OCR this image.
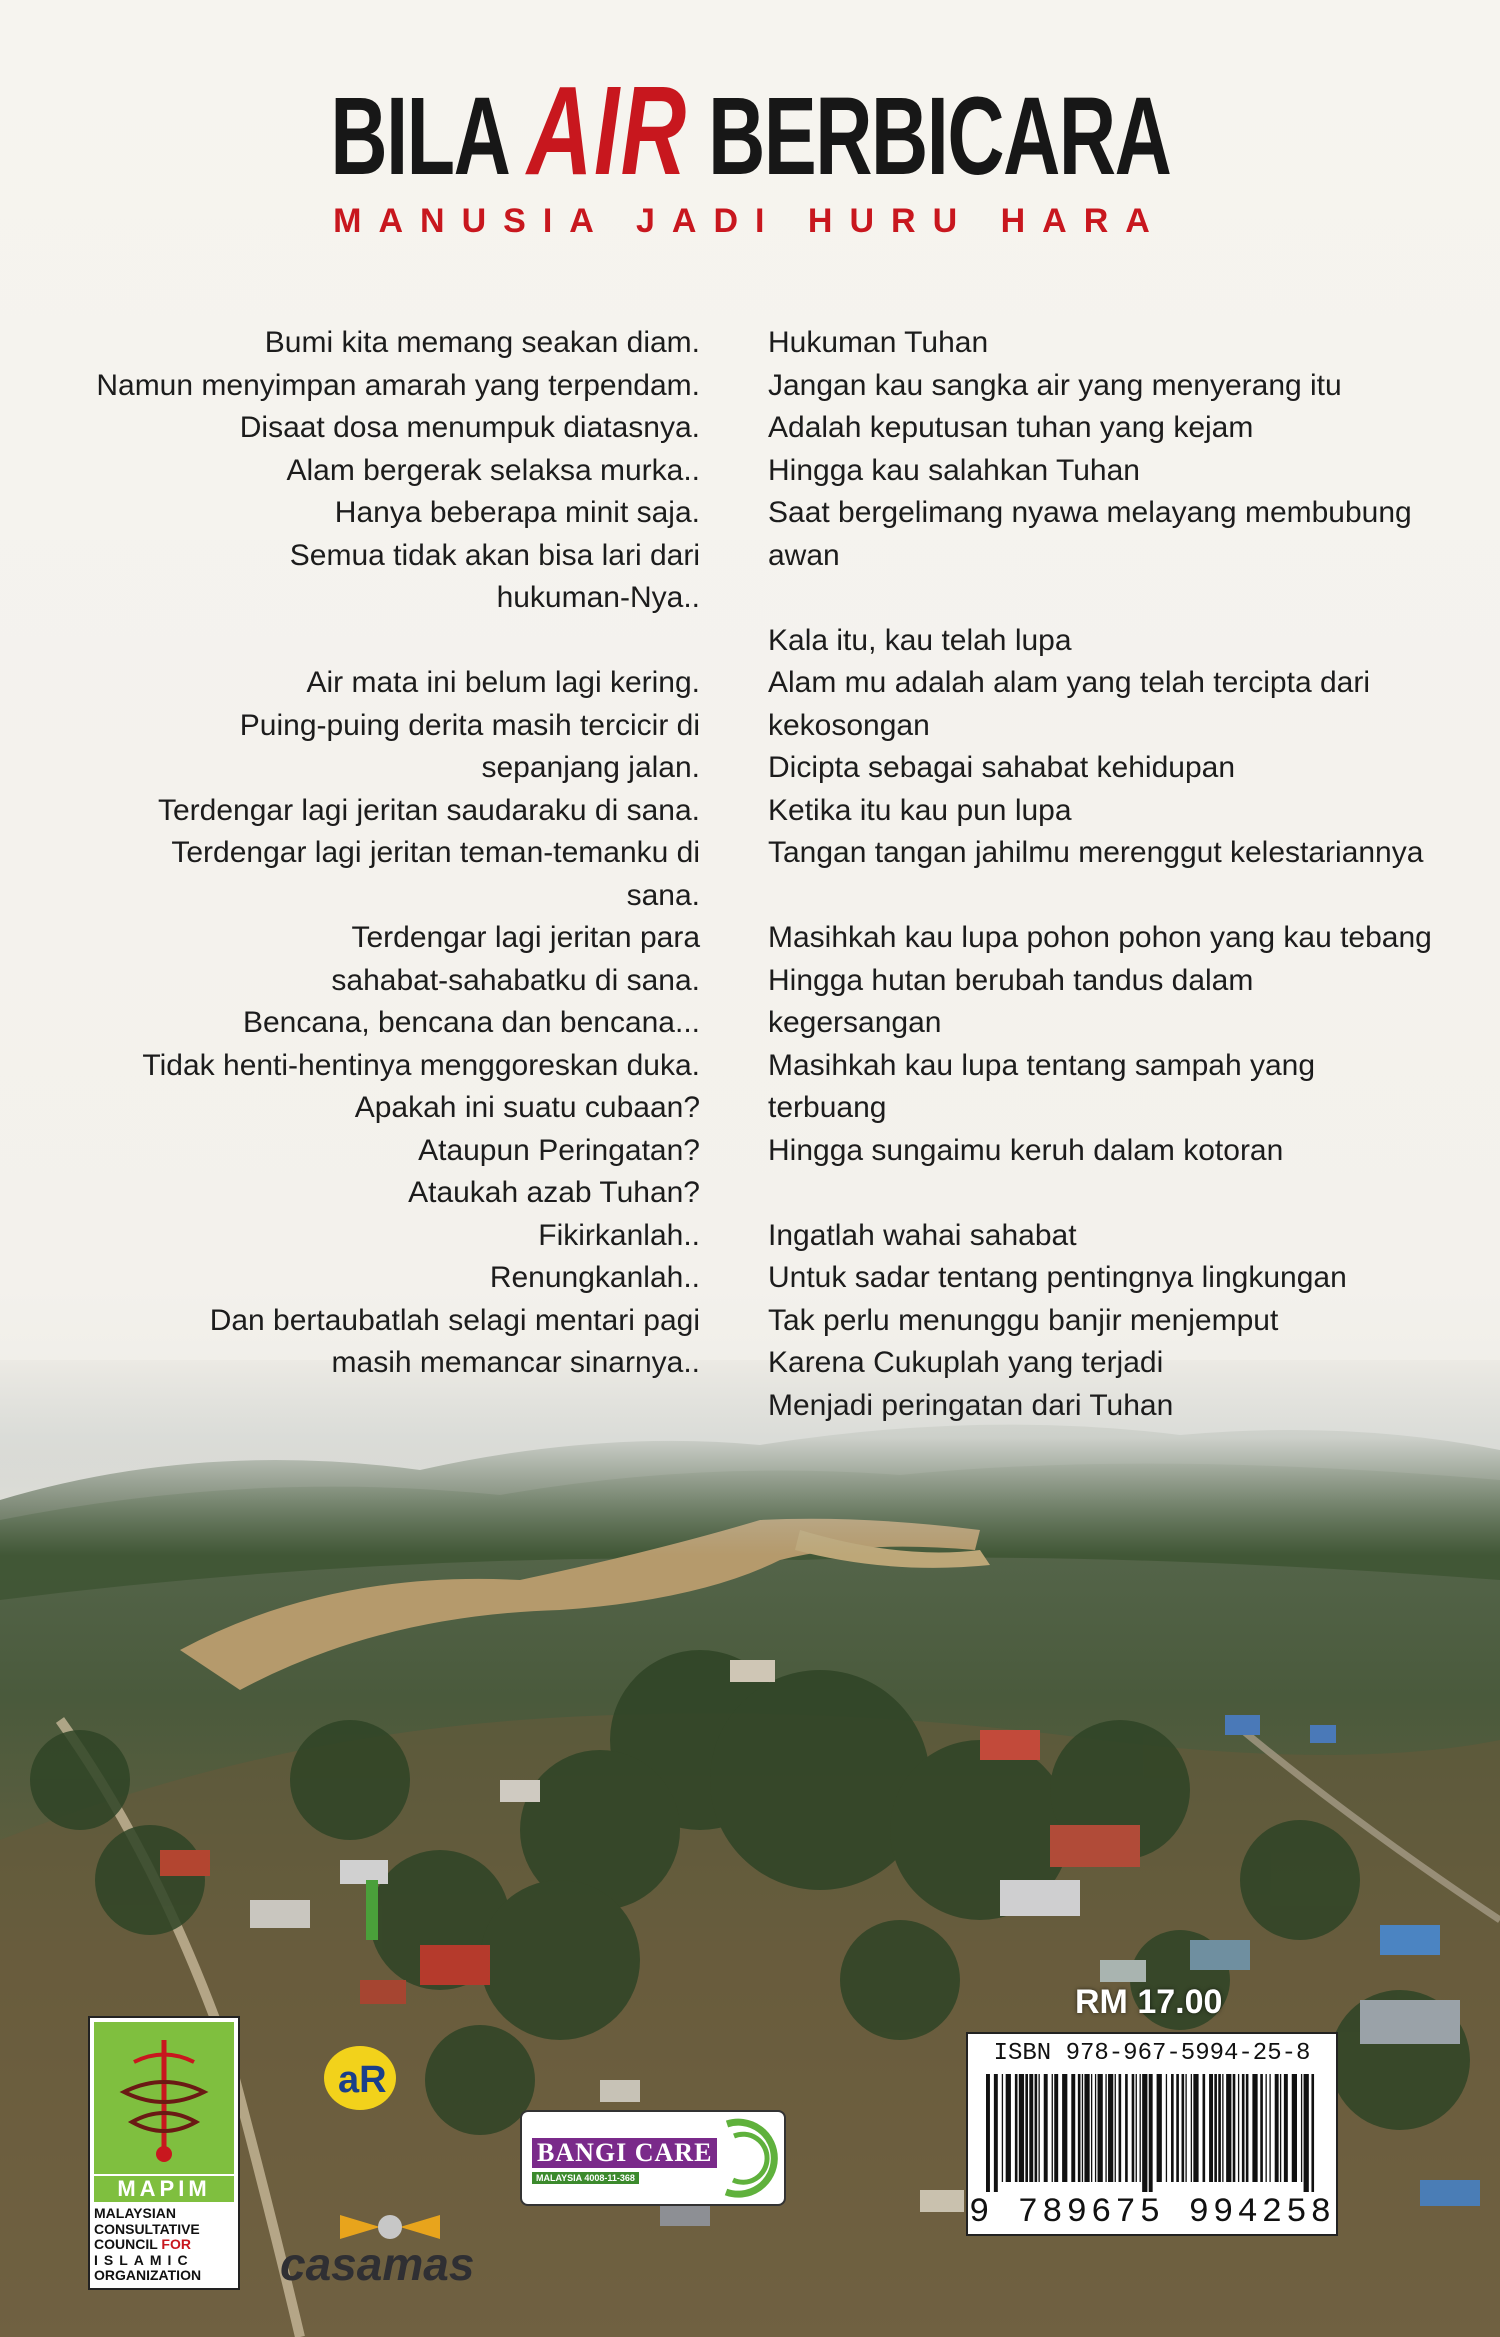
BILA AIR BERBICARA
MANUSIA JADI HURU HARA
Bumi kita memang seakan diam.
Namun menyimpan amarah yang terpendam.
Disaat dosa menumpuk diatasnya.
Alam bergerak selaksa murka..
Hanya beberapa minit saja.
Semua tidak akan bisa lari dari
hukuman-Nya..
Air mata ini belum lagi kering.
Puing-puing derita masih tercicir di
sepanjang jalan.
Terdengar lagi jeritan saudaraku di sana.
Terdengar lagi jeritan teman-temanku di
sana.
Terdengar lagi jeritan para
sahabat-sahabatku di sana.
Bencana, bencana dan bencana...
Tidak henti-hentinya menggoreskan duka.
Apakah ini suatu cubaan?
Ataupun Peringatan?
Ataukah azab Tuhan?
Fikirkanlah..
Renungkanlah..
Dan bertaubatlah selagi mentari pagi
masih memancar sinarnya..
Hukuman Tuhan
Jangan kau sangka air yang menyerang itu
Adalah keputusan tuhan yang kejam
Hingga kau salahkan Tuhan
Saat bergelimang nyawa melayang membubung
awan
Kala itu, kau telah lupa
Alam mu adalah alam yang telah tercipta dari
kekosongan
Dicipta sebagai sahabat kehidupan
Ketika itu kau pun lupa
Tangan tangan jahilmu merenggut kelestariannya
Masihkah kau lupa pohon pohon yang kau tebang
Hingga hutan berubah tandus dalam
kegersangan
Masihkah kau lupa tentang sampah yang
terbuang
Hingga sungaimu keruh dalam kotoran
Ingatlah wahai sahabat
Untuk sadar tentang pentingnya lingkungan
Tak perlu menunggu banjir menjemput
Karena Cukuplah yang terjadi
Menjadi peringatan dari Tuhan
RM 17.00
ISBN 978-967-5994-25-8
9 789675 994258
MAPIM
MALAYSIAN
CONSULTATIVE
COUNCIL FOR
ISLAMIC
ORGANIZATION
aR
casamas
BANGI CARE
MALAYSIA 4008-11-368
